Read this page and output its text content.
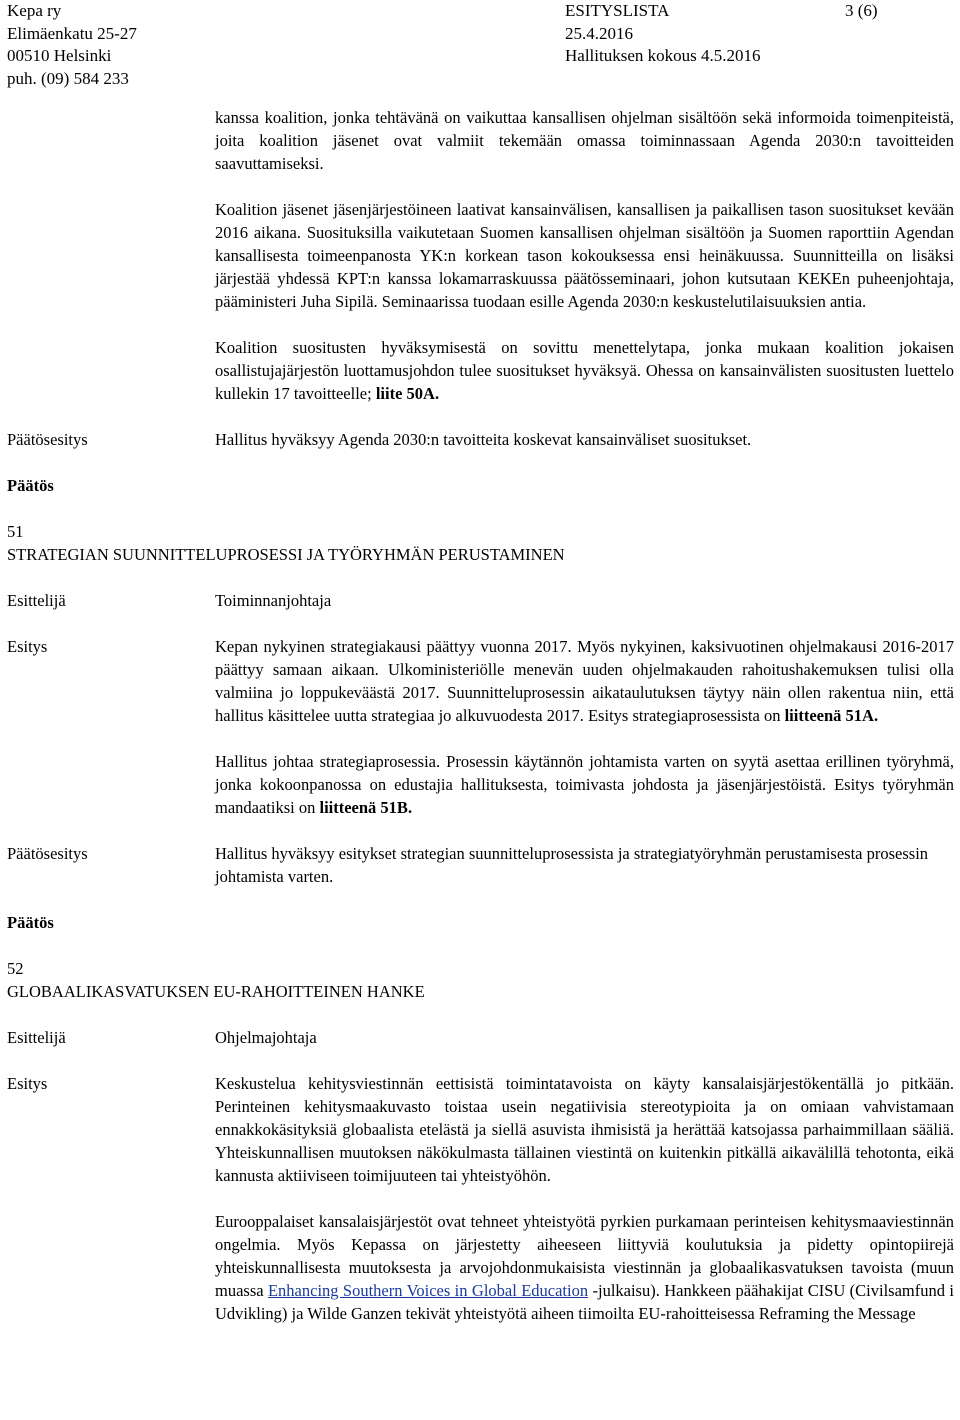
Kepa ry
Elimäenkatu 25-27
00510 Helsinki
puh. (09) 584 233
ESITYSLISTA
25.4.2016
Hallituksen kokous 4.5.2016
3 (6)

kanssa koalition, jonka tehtävänä on vaikuttaa kansallisen ohjelman sisältöön sekä informoida toimenpiteistä, joita koalition jäsenet ovat valmiit tekemään omassa toiminnassaan Agenda 2030:n tavoitteiden saavuttamiseksi.

Koalition jäsenet jäsenjärjestöineen laativat kansainvälisen, kansallisen ja paikallisen tason suositukset kevään 2016 aikana. Suosituksilla vaikutetaan Suomen kansallisen ohjelman sisältöön ja Suomen raporttiin Agendan kansallisesta toimeenpanosta YK:n korkean tason kokouksessa ensi heinäkuussa. Suunnitteilla on lisäksi järjestää yhdessä KPT:n kanssa lokamarraskuussa päätösseminaari, johon kutsutaan KEKEn puheenjohtaja, pääministeri Juha Sipilä. Seminaarissa tuodaan esille Agenda 2030:n keskustelutilaisuuksien antia.

Koalition suositusten hyväksymisestä on sovittu menettelytapa, jonka mukaan koalition jokaisen osallistujajärjestön luottamusjohdon tulee suositukset hyväksyä. Ohessa on kansainvälisten suositusten luettelo kullekin 17 tavoitteelle; liite 50A.

Päätösesitys	Hallitus hyväksyy Agenda 2030:n tavoitteita koskevat kansainväliset suositukset.
Päätös

51

STRATEGIAN SUUNNITTELUPROSESSI JA TYÖRYHMÄN PERUSTAMINEN

Esittelijä	Toiminnanjohtaja
Esitys	Kepan nykyinen strategiakausi päättyy vuonna 2017. Myös nykyinen, kaksivuotinen ohjelmakausi 2016-2017 päättyy samaan aikaan. Ulkoministeriölle menevän uuden ohjelmakauden rahoitushakemuksen tulisi olla valmiina jo loppukeväästä 2017. Suunnitteluprosessin aikataulutuksen täytyy näin ollen rakentua niin, että hallitus käsittelee uutta strategiaa jo alkuvuodesta 2017. Esitys strategiaprosessista on liitteenä 51A.

Hallitus johtaa strategiaprosessia. Prosessin käytännön johtamista varten on syytä asettaa erillinen työryhmä, jonka kokoonpanossa on edustajia hallituksesta, toimivasta johdosta ja jäsenjärjestöistä. Esitys työryhmän mandaatiksi on liitteenä 51B.

Päätösesitys	Hallitus hyväksyy esitykset strategian suunnitteluprosessista ja strategiatyöryhmän perustamisesta prosessin johtamista varten.
Päätös

52

GLOBAALIKASVATUKSEN EU-RAHOITTEINEN HANKE

Esittelijä	Ohjelmajohtaja
Esitys	Keskustelua kehitysviestinnän eettisistä toimintatavoista on käyty kansalaisjärjestökentällä jo pitkään. Perinteinen kehitysmaakuvasto toistaa usein negatiivisia stereotypioita ja on omiaan vahvistamaan ennakkokäsityksiä globaalista etelästä ja siellä asuvista ihmisistä ja herättää katsojassa parhaimmillaan sääliä. Yhteiskunnallisen muutoksen näkökulmasta tällainen viestintä on kuitenkin pitkällä aikavälillä tehotonta, eikä kannusta aktiiviseen toimijuuteen tai yhteistyöhön.

Eurooppalaiset kansalaisjärjestöt ovat tehneet yhteistyötä pyrkien purkamaan perinteisen kehitysmaaviestinnän ongelmia. Myös Kepassa on järjestetty aiheeseen liittyviä koulutuksia ja pidetty opintopiirejä yhteiskunnallisesta muutoksesta ja arvojohdonmukaisista viestinnän ja globaalikasvatuksen tavoista (muun muassa Enhancing Southern Voices in Global Education -julkaisu). Hankkeen päähakijat CISU (Civilsamfund i Udvikling) ja Wilde Ganzen tekivät yhteistyötä aiheen tiimoilta EU-rahoitteisessa Reframing the Message
